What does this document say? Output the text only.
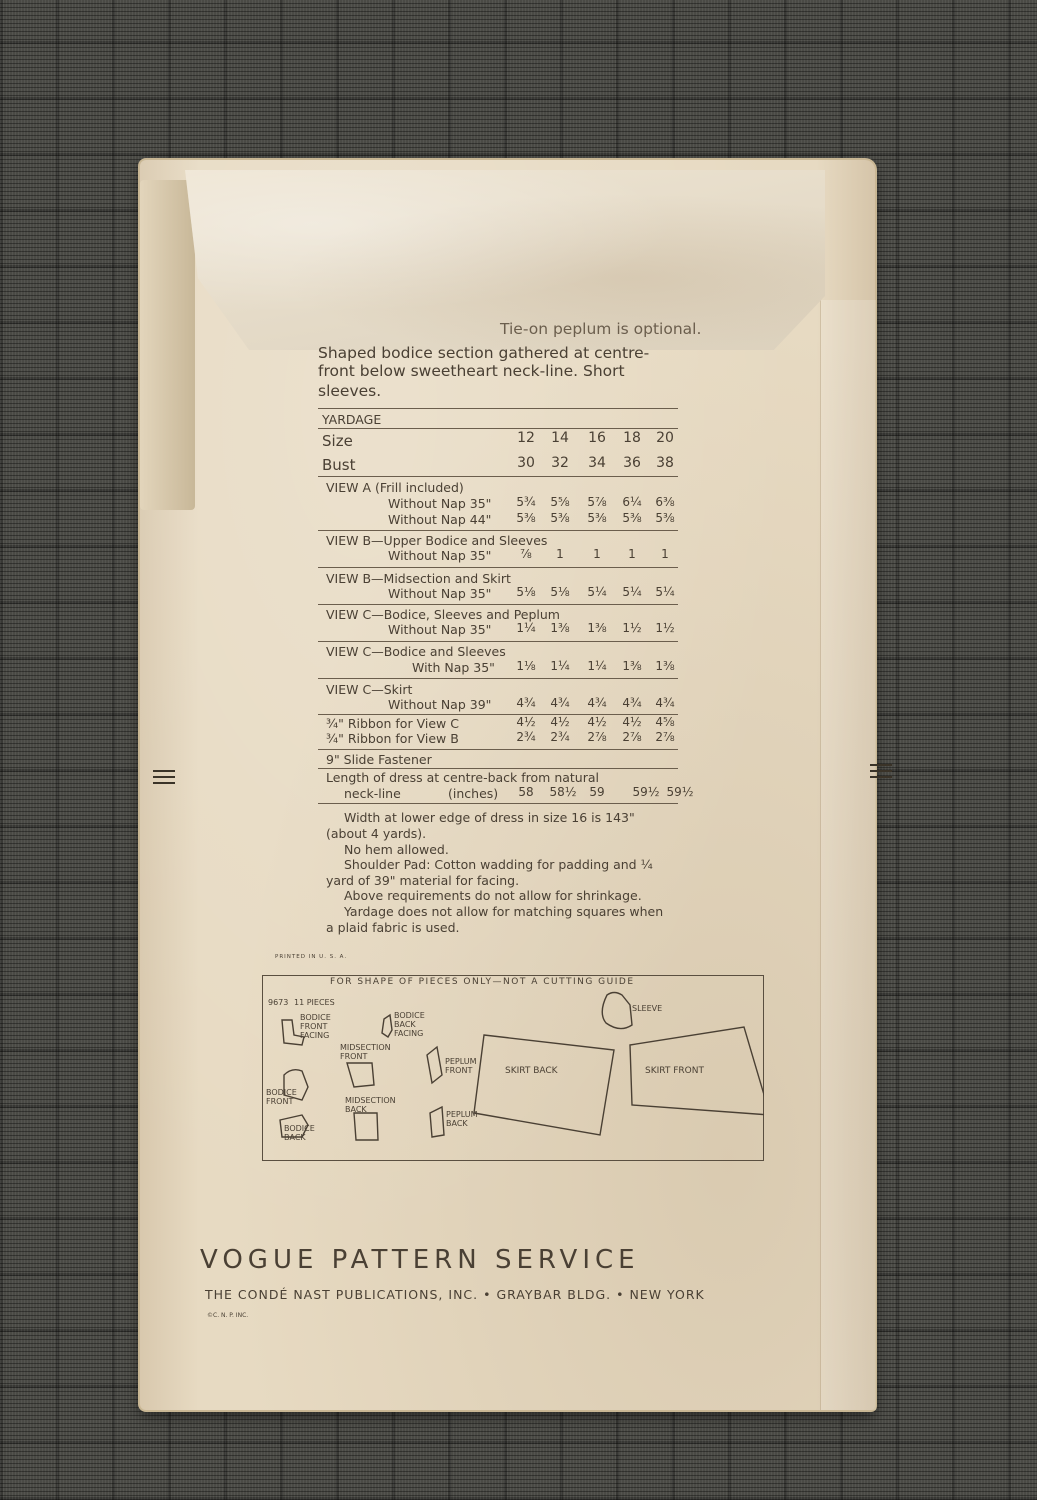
Tie-on peplum is optional.
Shaped bodice section gathered at centre-
front below sweetheart neck-line. Short
sleeves.
YARDAGE
Size	12	14	16	18	20
Bust	30	32	34	36	38
VIEW A (Frill included)
Without Nap 35"	5¾	5⅝	5⅞	6¼	6⅜
Without Nap 44"	5⅜	5⅜	5⅜	5⅜	5⅜
VIEW B—Upper Bodice and Sleeves
Without Nap 35"	⅞	1	1	1	1
VIEW B—Midsection and Skirt
Without Nap 35"	5⅛	5⅛	5¼	5¼	5¼
VIEW C—Bodice, Sleeves and Peplum
Without Nap 35"	1¼	1⅜	1⅜	1½	1½
VIEW C—Bodice and Sleeves
With Nap 35"	1⅛	1¼	1¼	1⅜	1⅜
VIEW C—Skirt
Without Nap 39"	4¾	4¾	4¾	4¾	4¾
¾" Ribbon for View C	4½	4½	4½	4½	4⅝
¾" Ribbon for View B	2¾	2¾	2⅞	2⅞	2⅞
9" Slide Fastener
Length of dress at centre-back from natural
neck-line	(inches)	58	58½	59	59½ 59½
Width at lower edge of dress in size 16 is 143"
(about 4 yards).
No hem allowed.
Shoulder Pad: Cotton wadding for padding and ¼
yard of 39" material for facing.
Above requirements do not allow for shrinkage.
Yardage does not allow for matching squares when
a plaid fabric is used.
PRINTED IN U. S. A.
FOR SHAPE OF PIECES ONLY—NOT A CUTTING GUIDE
9673 11 PIECES
BODICE FRONT FACING
BODICE BACK FACING
SLEEVE
MIDSECTION FRONT
PEPLUM FRONT	SKIRT BACK	SKIRT FRONT
BODICE FRONT	MIDSECTION BACK
PEPLUM BACK
BODICE BACK
VOGUE PATTERN SERVICE
THE CONDÉ NAST PUBLICATIONS, INC. • GRAYBAR BLDG. • NEW YORK
©C. N. P. INC.
